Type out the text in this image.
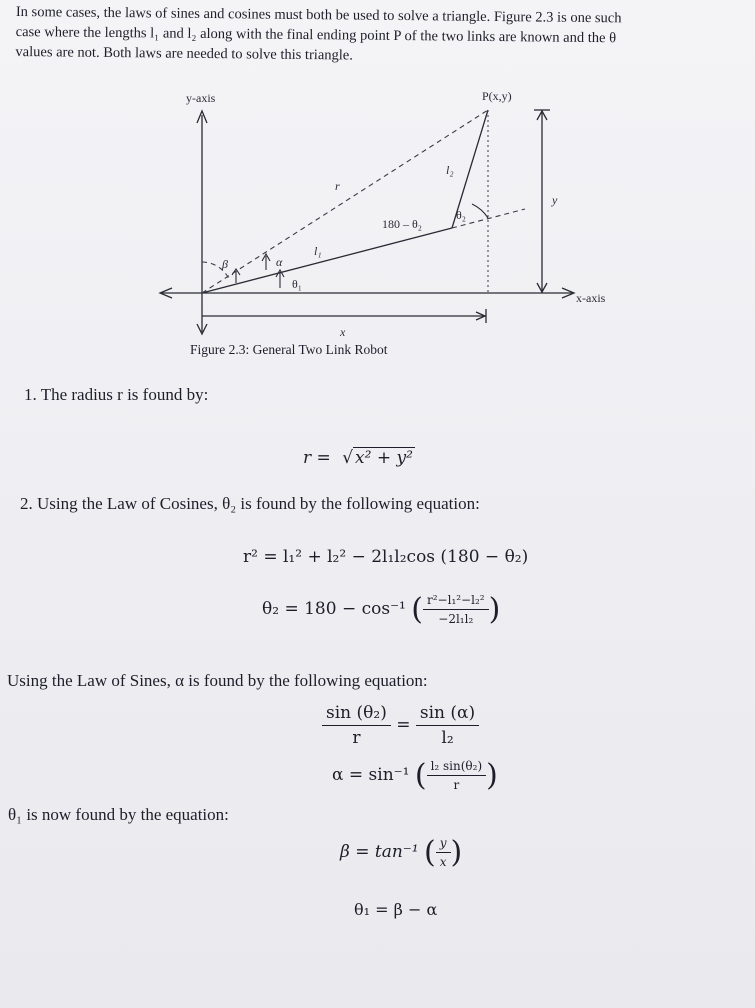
In some cases, the laws of sines and cosines must both be used to solve a triangle. Figure 2.3 is one such

case where the lengths l₁ and l₂ along with the final ending point P of the two links are known and the θ

values are not. Both laws are needed to solve this triangle.

y-axis
x-axis
P(x,y)
r
l₁
l₂
180 – θ₂
θ₂
θ₁
α
β
x
y
Figure 2.3: General Two Link Robot
1. The radius r is found by:
r = √ x² + y²
2. Using the Law of Cosines, θ₂ is found by the following equation:
r² = l₁² + l₂² − 2l₁l₂cos (180 − θ₂)
θ₂ = 180 − cos⁻¹ ( $\frac{\text{r²−l₁²−l₂²}}{\text{−2l₁l₂}}$ )
Using the Law of Sines, α is found by the following equation:
$\frac{\text{sin (θ₂)}}{r} = \frac{\sin (\alpha)}{\text{l₂}}$
α = sin⁻¹ ( $\frac{\text{l₂ sin(θ₂)}}{r}$ )
θ₁ is now found by the equation:
β = tan⁻¹ ( $\frac{y}{x}$ )
θ₁ = β − α
